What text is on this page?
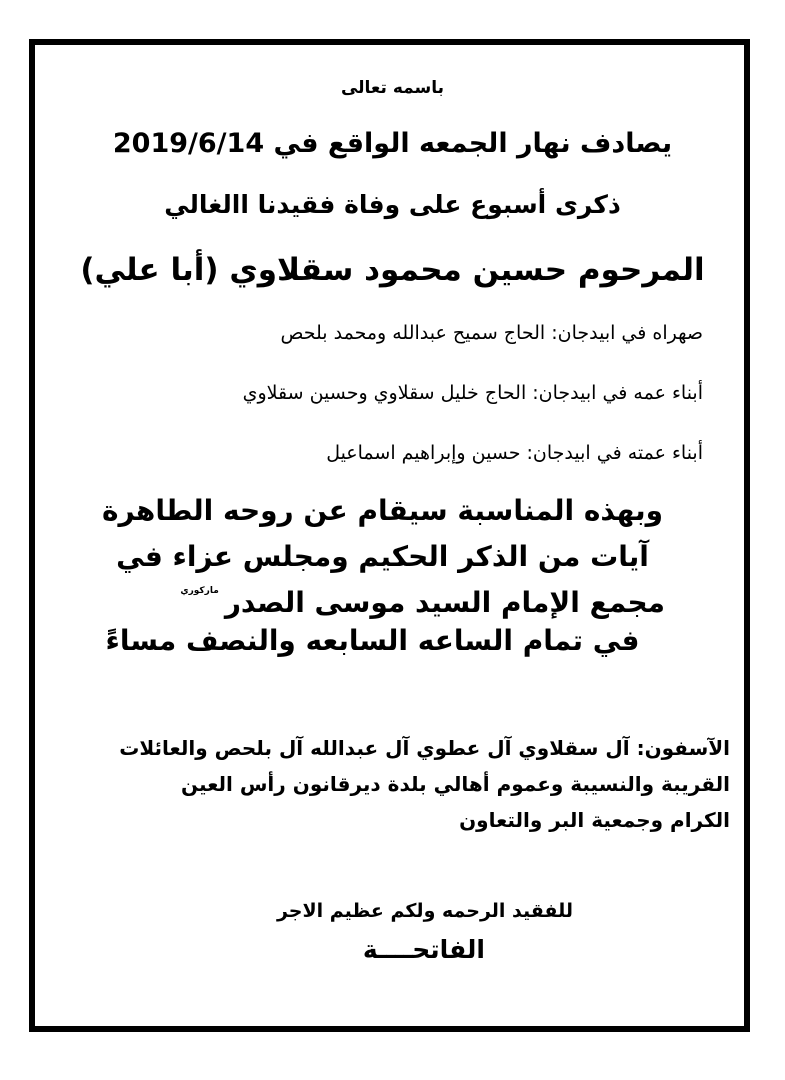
باسمه تعالى
يصادف نهار الجمعه الواقع في 2019/6/14
ذكرى أسبوع على وفاة فقيدنا االغالي
المرحوم حسين محمود سقلاوي (أبا علي)
صهراه في ابيدجان: الحاج سميح عبدالله ومحمد بلحص
أبناء عمه في ابيدجان: الحاج خليل سقلاوي وحسين سقلاوي
أبناء عمته في ابيدجان: حسين وإبراهيم اسماعيل
وبهذه المناسبة سيقام عن روحه الطاهرة
آيات من الذكر الحكيم ومجلس عزاء في
مجمع الإمام السيد موسى الصدر$^{ماركوري}$
في تمام الساعه السابعه والنصف مساءً
الآسفون: آل سقلاوي آل عطوي آل عبدالله آل بلحص والعائلات
القريبة والنسيبة وعموم أهالي بلدة ديرقانون رأس العين
الكرام وجمعية البر والتعاون
للفقيد الرحمه ولكم عظيم الاجر
الفاتحــــة
